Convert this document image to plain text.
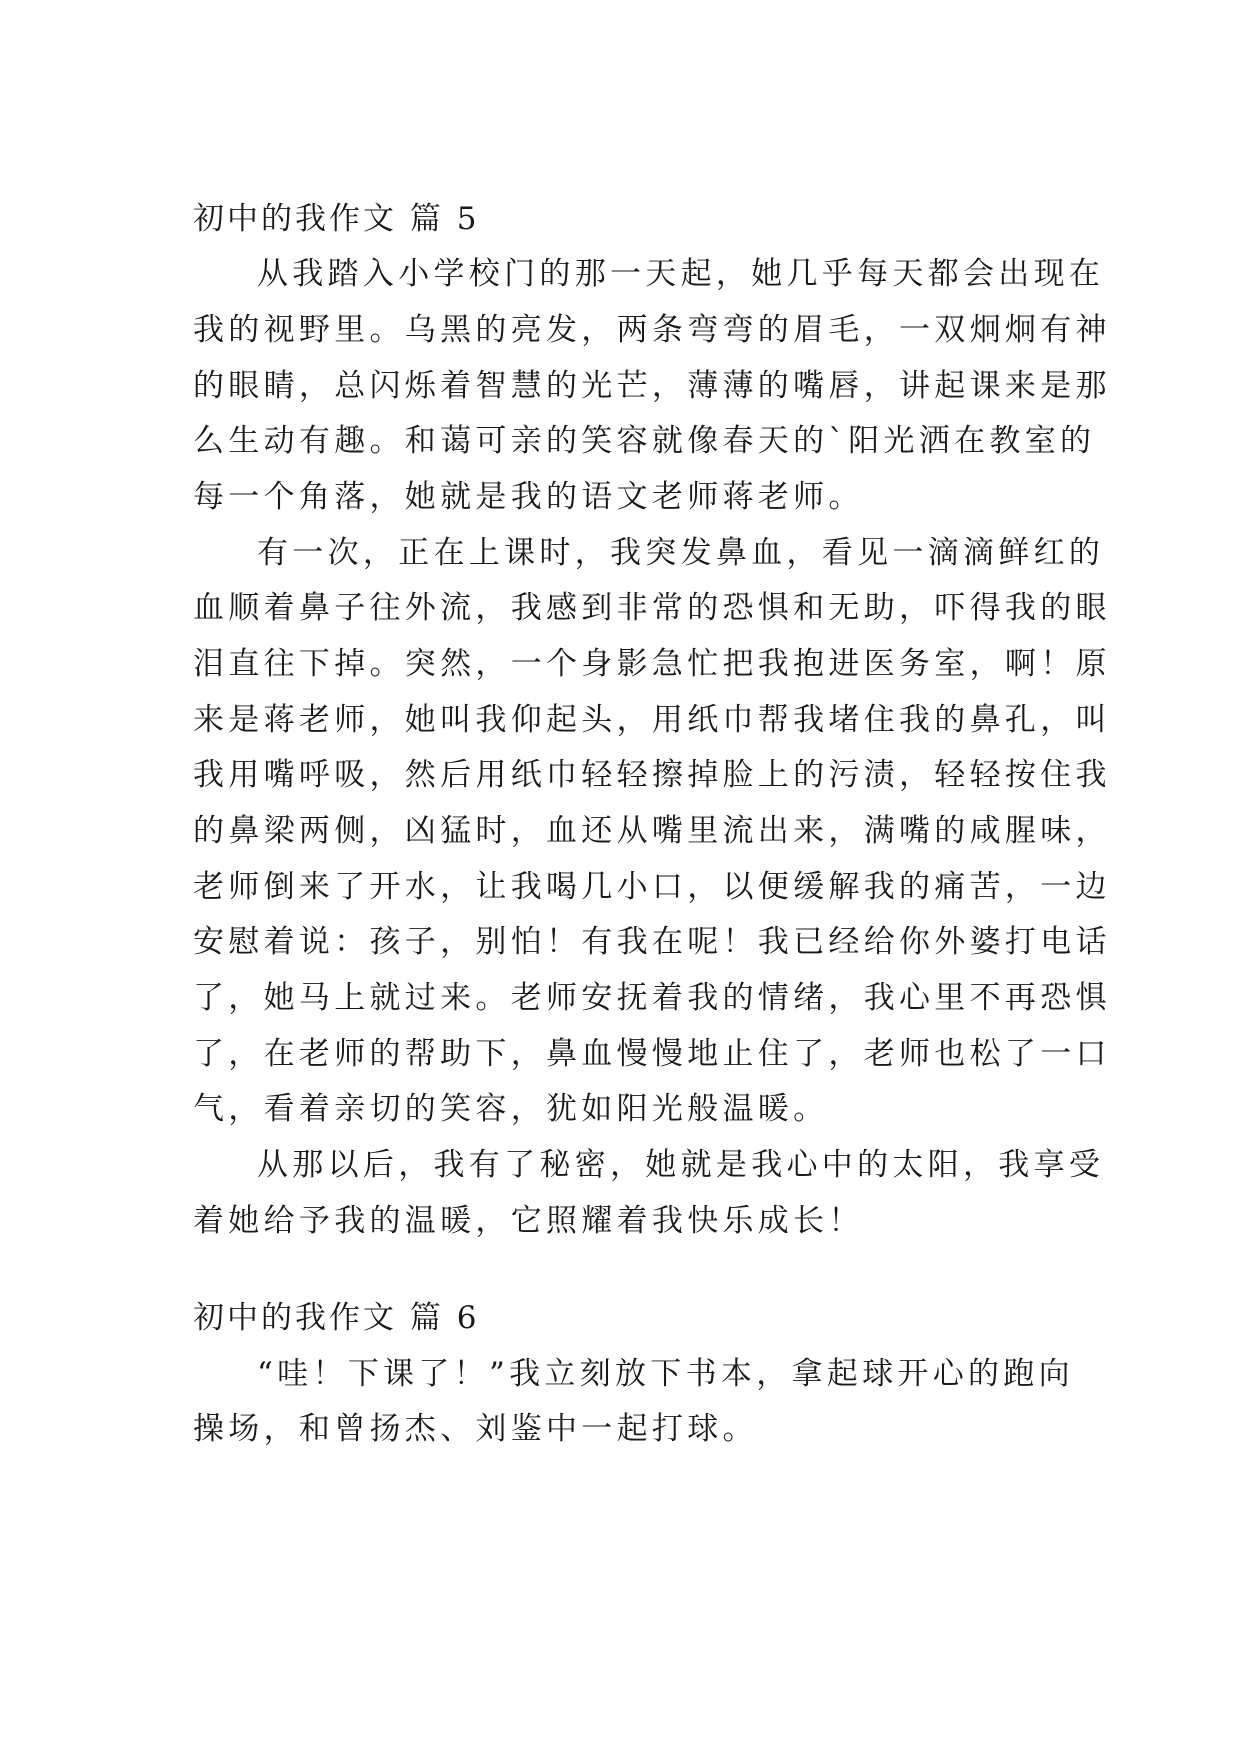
初中的我作文 篇 5
从我踏入小学校门的那一天起，她几乎每天都会出现在
我的视野里。乌黑的亮发，两条弯弯的眉毛，一双炯炯有神
的眼睛，总闪烁着智慧的光芒，薄薄的嘴唇，讲起课来是那
么生动有趣。和蔼可亲的笑容就像春天的`阳光洒在教室的
每一个角落，她就是我的语文老师蒋老师。
有一次，正在上课时，我突发鼻血，看见一滴滴鲜红的
血顺着鼻子往外流，我感到非常的恐惧和无助，吓得我的眼
泪直往下掉。突然，一个身影急忙把我抱进医务室，啊！原
来是蒋老师，她叫我仰起头，用纸巾帮我堵住我的鼻孔，叫
我用嘴呼吸，然后用纸巾轻轻擦掉脸上的污渍，轻轻按住我
的鼻梁两侧，凶猛时，血还从嘴里流出来，满嘴的咸腥味，
老师倒来了开水，让我喝几小口，以便缓解我的痛苦，一边
安慰着说：孩子，别怕！有我在呢！我已经给你外婆打电话
了，她马上就过来。老师安抚着我的情绪，我心里不再恐惧
了，在老师的帮助下，鼻血慢慢地止住了，老师也松了一口
气，看着亲切的笑容，犹如阳光般温暖。
从那以后，我有了秘密，她就是我心中的太阳，我享受
着她给予我的温暖，它照耀着我快乐成长！
初中的我作文 篇 6
“哇！下课了！”我立刻放下书本，拿起球开心的跑向
操场，和曾扬杰、刘鉴中一起打球。
